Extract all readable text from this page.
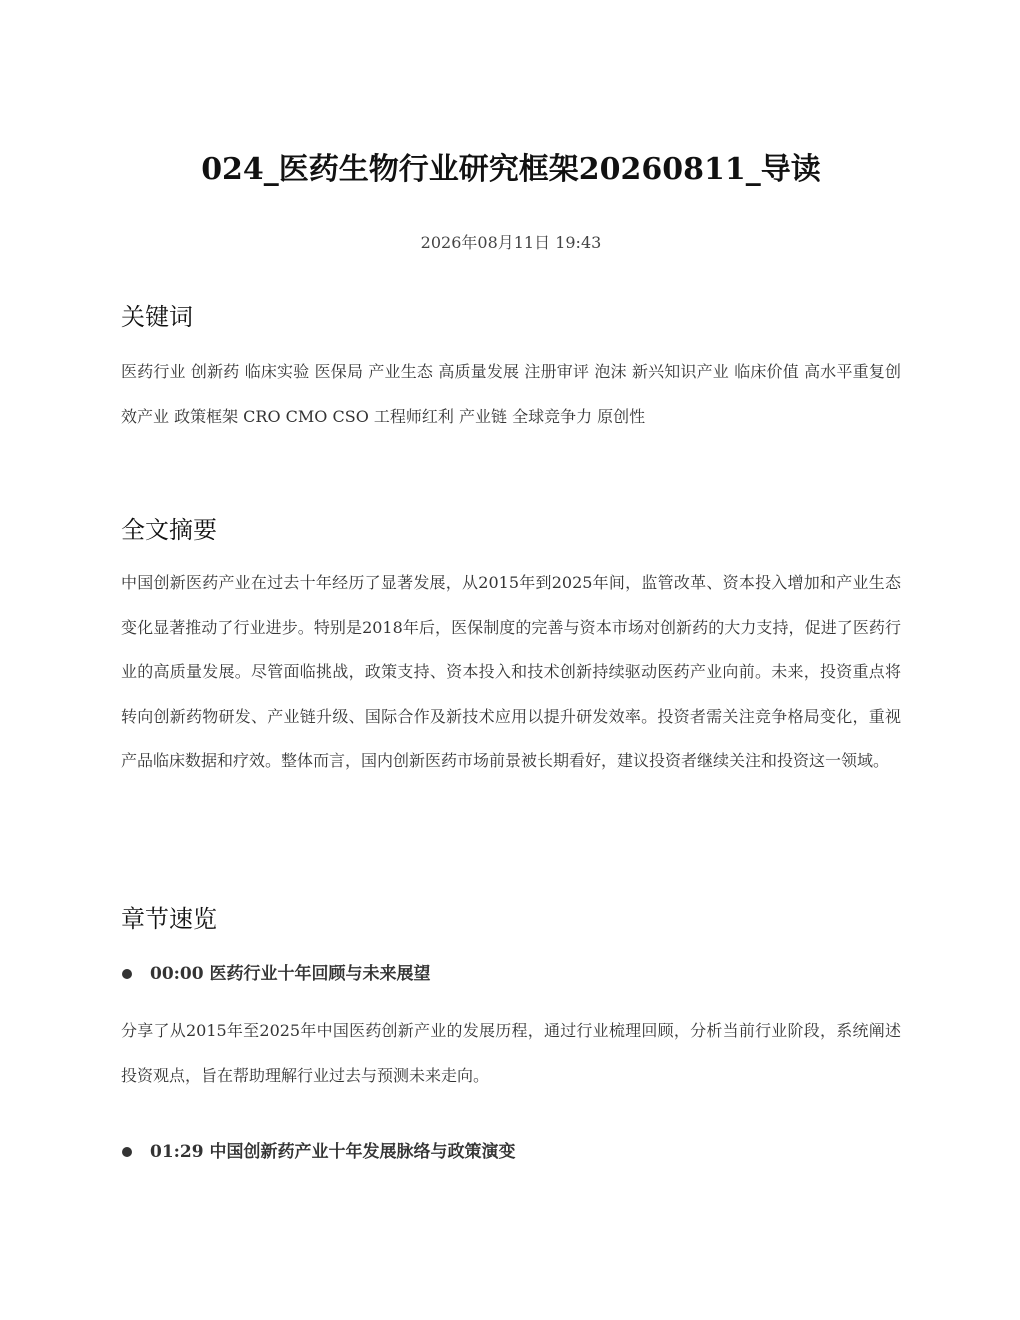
024_医药生物行业研究框架20260811_导读
2026年08月11日 19:43
关键词

医药行业 创新药 临床实验 医保局 产业生态 高质量发展 注册审评 泡沫 新兴知识产业 临床价值 高水平重复创效产业 政策框架 CRO CMO CSO 工程师红利 产业链 全球竞争力 原创性

全文摘要

中国创新医药产业在过去十年经历了显著发展，从2015年到2025年间，监管改革、资本投入增加和产业生态变化显著推动了行业进步。特别是2018年后，医保制度的完善与资本市场对创新药的大力支持，促进了医药行业的高质量发展。尽管面临挑战，政策支持、资本投入和技术创新持续驱动医药产业向前。未来，投资重点将转向创新药物研发、产业链升级、国际合作及新技术应用以提升研发效率。投资者需关注竞争格局变化，重视产品临床数据和疗效。整体而言，国内创新医药市场前景被长期看好，建议投资者继续关注和投资这一领域。

章节速览
00:00 医药行业十年回顾与未来展望

分享了从2015年至2025年中国医药创新产业的发展历程，通过行业梳理回顾，分析当前行业阶段，系统阐述投资观点，旨在帮助理解行业过去与预测未来走向。

01:29 中国创新药产业十年发展脉络与政策演变
